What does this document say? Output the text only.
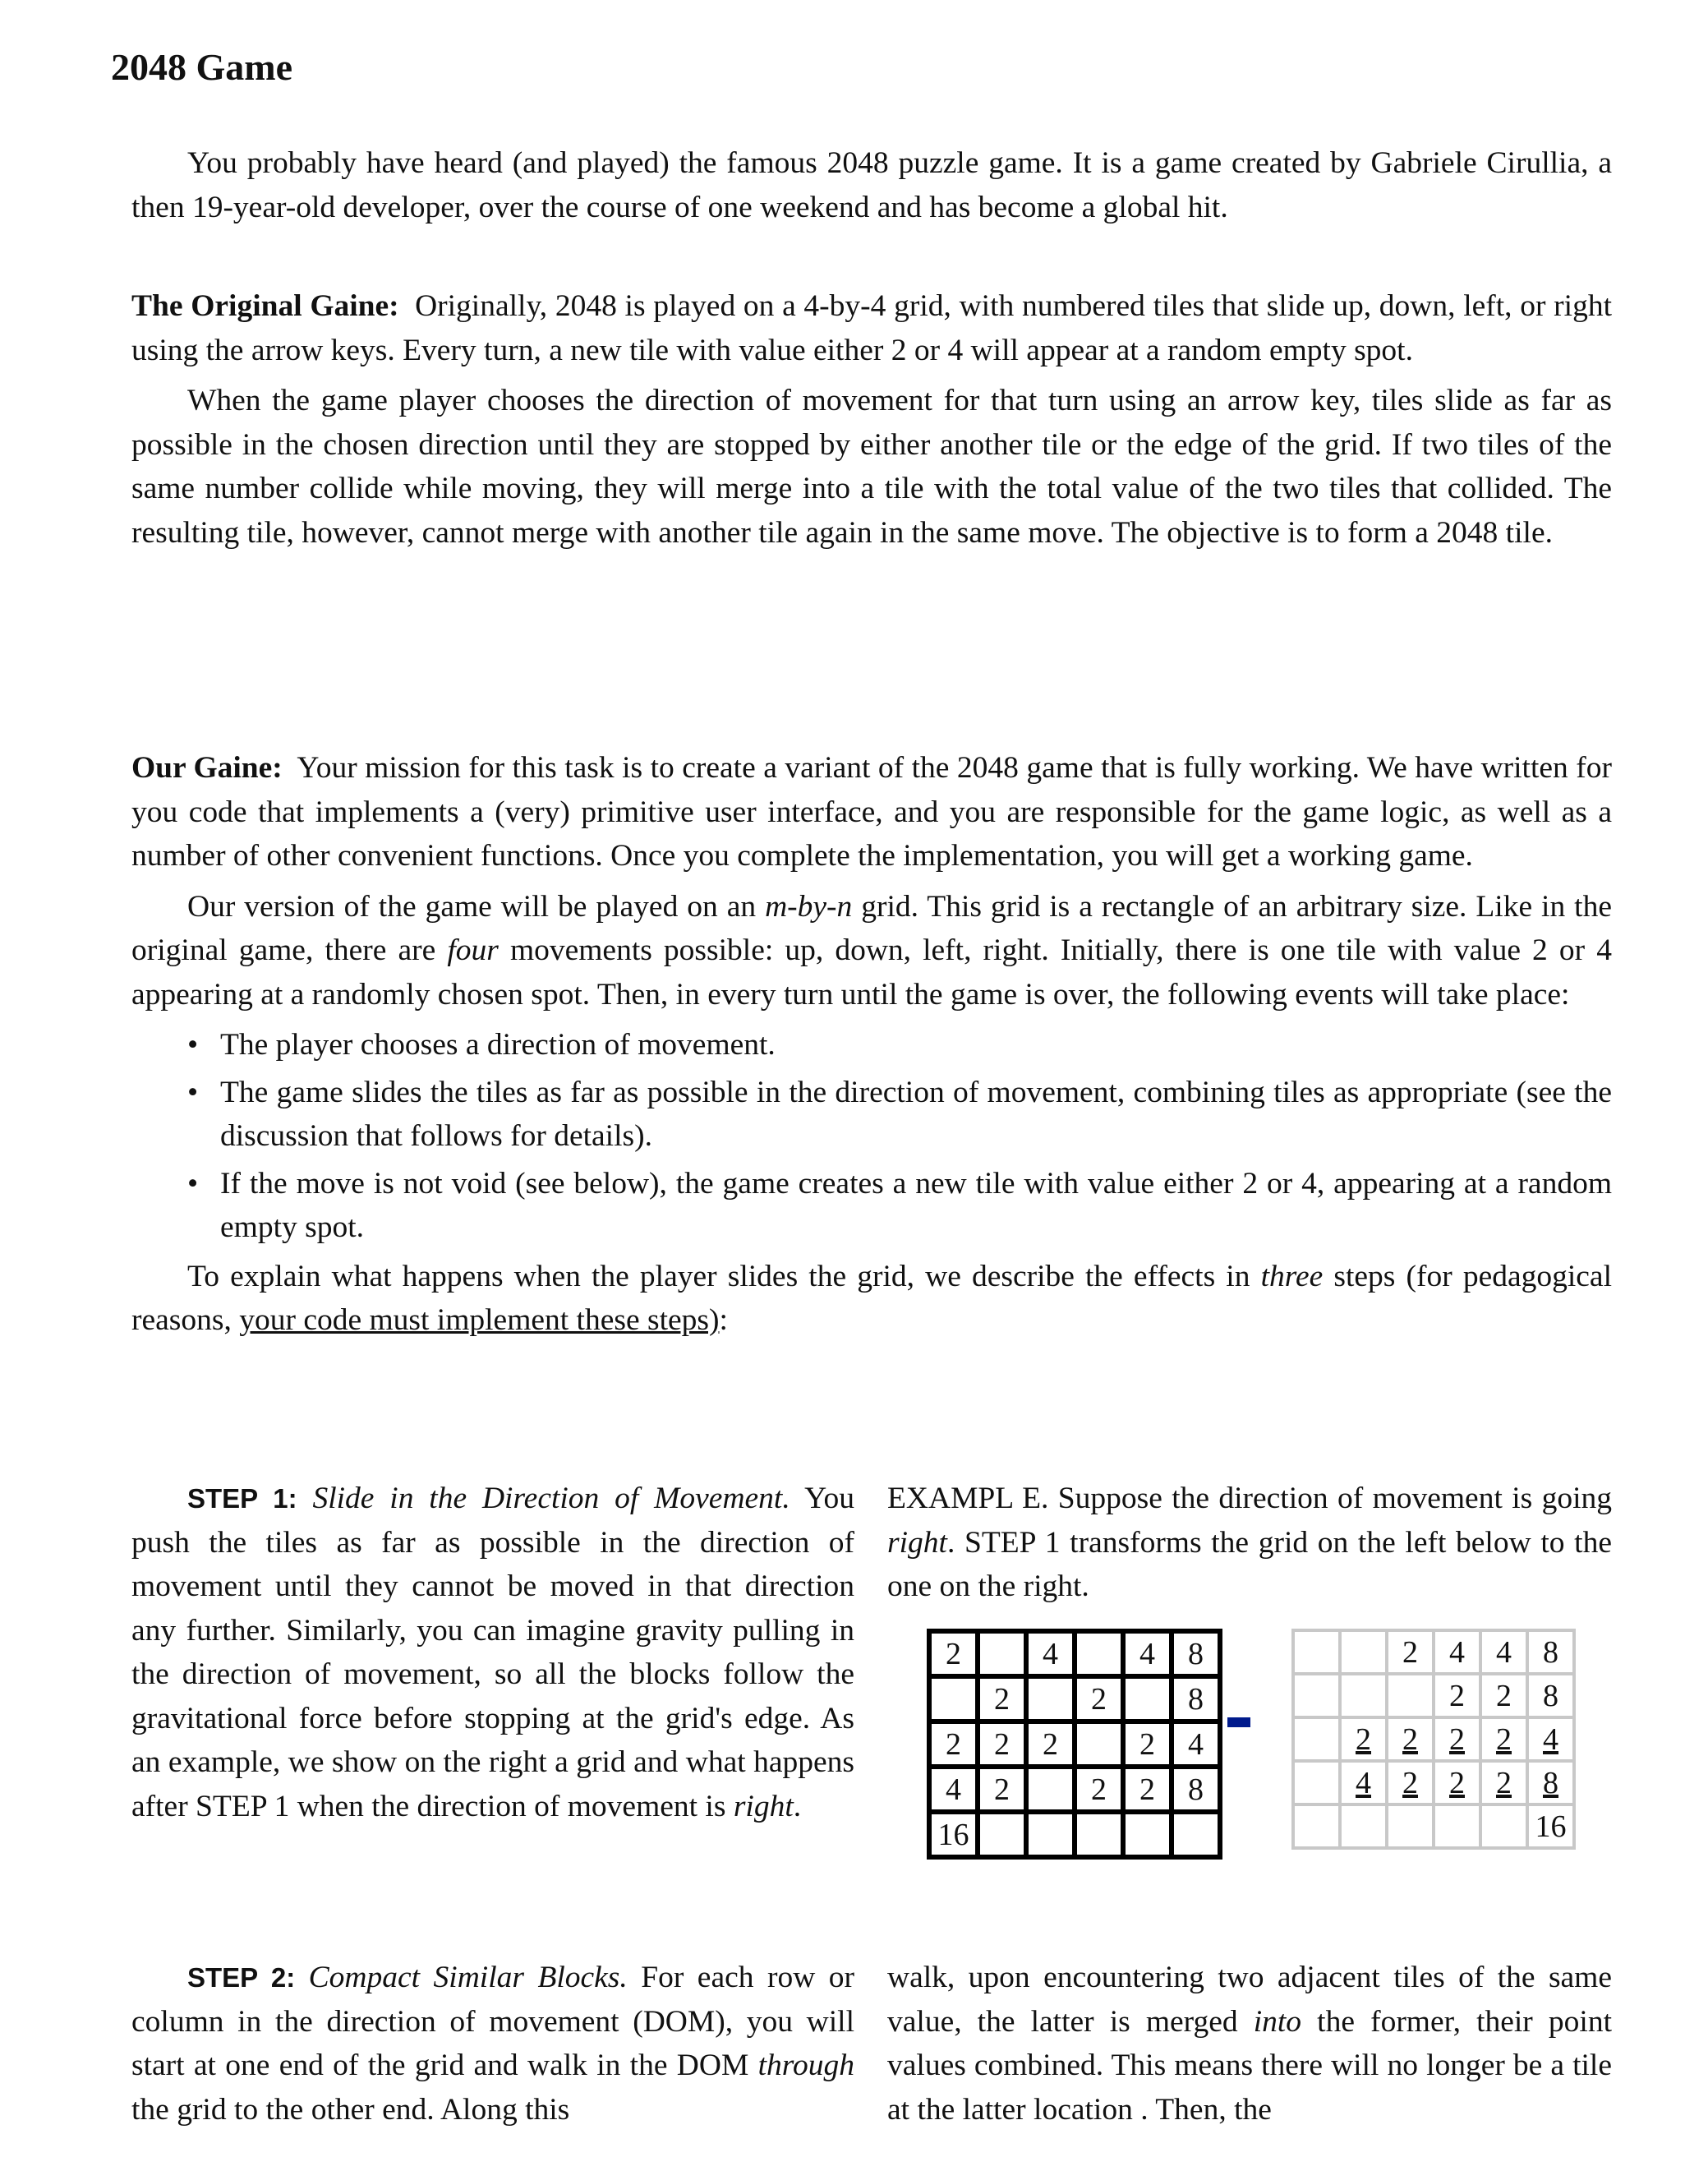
2048 Game

You probably have heard (and played) the famous 2048 puzzle game. It is a game created by Gabriele Cirullia, a then 19-year-old developer, over the course of one weekend and has become a global hit.

The Original Gaine: Originally, 2048 is played on a 4-by-4 grid, with numbered tiles that slide up, down, left, or right using the arrow keys. Every turn, a new tile with value either 2 or 4 will appear at a random empty spot.

When the game player chooses the direction of movement for that turn using an arrow key, tiles slide as far as possible in the chosen direction until they are stopped by either another tile or the edge of the grid. If two tiles of the same number collide while moving, they will merge into a tile with the total value of the two tiles that collided. The resulting tile, however, cannot merge with another tile again in the same move. The objective is to form a 2048 tile.

Our Gaine: Your mission for this task is to create a variant of the 2048 game that is fully working. We have written for you code that implements a (very) primitive user interface, and you are responsible for the game logic, as well as a number of other convenient functions. Once you complete the implementation, you will get a working game.

Our version of the game will be played on an m-by-n grid. This grid is a rectangle of an arbitrary size. Like in the original game, there are four movements possible: up, down, left, right. Initially, there is one tile with value 2 or 4 appearing at a randomly chosen spot. Then, in every turn until the game is over, the following events will take place:

• The player chooses a direction of movement.
• The game slides the tiles as far as possible in the direction of movement, combining tiles as appropriate (see the discussion that follows for details).
• If the move is not void (see below), the game creates a new tile with value either 2 or 4, appearing at a random empty spot.

To explain what happens when the player slides the grid, we describe the effects in three steps (for pedagogical reasons, your code must implement these steps):

STEP 1: Slide in the Direction of Movement. You push the tiles as far as possible in the direction of movement until they cannot be moved in that direction any further. Similarly, you can imagine gravity pulling in the direction of movement, so all the blocks follow the gravitational force before stopping at the grid's edge. As an example, we show on the right a grid and what happens after STEP 1 when the direction of movement is right.

EXAMPL E. Suppose the direction of movement is going right. STEP 1 transforms the grid on the left below to the one on the right.

2		4		4	8
	2		2		8
2	2	2		2	4
4	2		2	2	8
16					
		2	4	4	8
			2	2	8
	2	2	2	2	4
	4	2	2	2	8
					16

STEP 2: Compact Similar Blocks. For each row or column in the direction of movement (DOM), you will start at one end of the grid and walk in the DOM through the grid to the other end. Along this

walk, upon encountering two adjacent tiles of the same value, the latter is merged into the former, their point values combined. This means there will no longer be a tile at the latter location . Then, the
